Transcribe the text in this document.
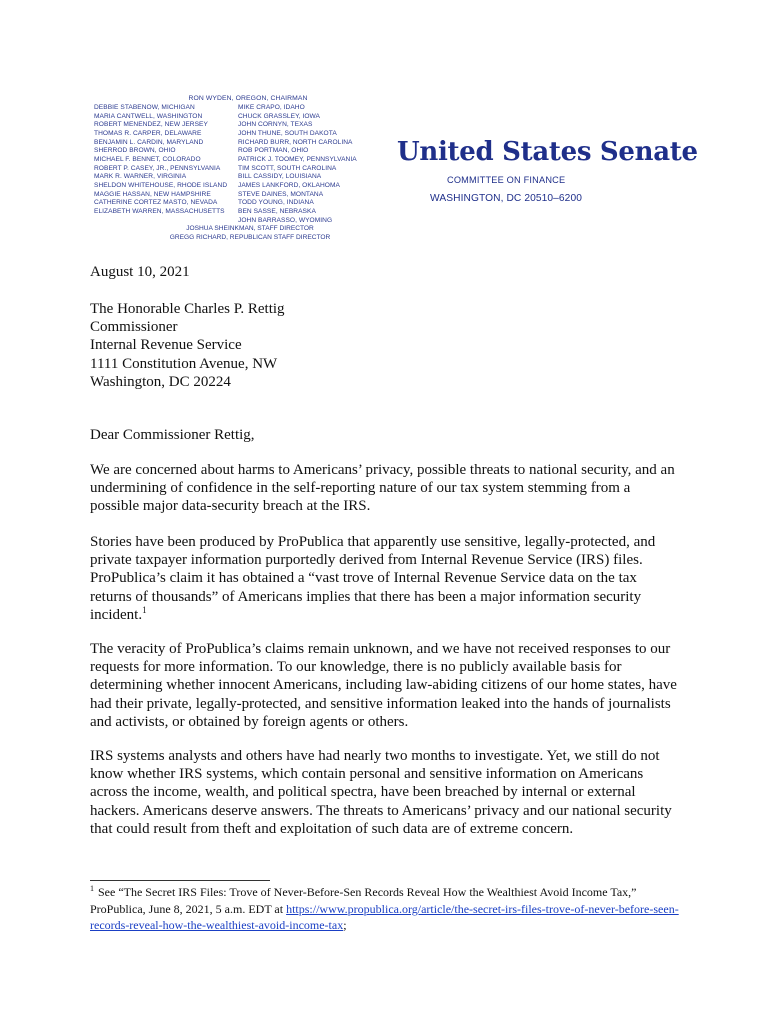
RON WYDEN, OREGON, CHAIRMAN
DEBBIE STABENOW, MICHIGAN
MARIA CANTWELL, WASHINGTON
ROBERT MENENDEZ, NEW JERSEY
THOMAS R. CARPER, DELAWARE
BENJAMIN L. CARDIN, MARYLAND
SHERROD BROWN, OHIO
MICHAEL F. BENNET, COLORADO
ROBERT P. CASEY, JR., PENNSYLVANIA
MARK R. WARNER, VIRGINIA
SHELDON WHITEHOUSE, RHODE ISLAND
MAGGIE HASSAN, NEW HAMPSHIRE
CATHERINE CORTEZ MASTO, NEVADA
ELIZABETH WARREN, MASSACHUSETTS
MIKE CRAPO, IDAHO
CHUCK GRASSLEY, IOWA
JOHN CORNYN, TEXAS
JOHN THUNE, SOUTH DAKOTA
RICHARD BURR, NORTH CAROLINA
ROB PORTMAN, OHIO
PATRICK J. TOOMEY, PENNSYLVANIA
TIM SCOTT, SOUTH CAROLINA
BILL CASSIDY, LOUISIANA
JAMES LANKFORD, OKLAHOMA
STEVE DAINES, MONTANA
TODD YOUNG, INDIANA
BEN SASSE, NEBRASKA
JOHN BARRASSO, WYOMING
JOSHUA SHEINKMAN, STAFF DIRECTOR
GREGG RICHARD, REPUBLICAN STAFF DIRECTOR
United States Senate
COMMITTEE ON FINANCE
WASHINGTON, DC 20510–6200
August 10, 2021
The Honorable Charles P. Rettig
Commissioner
Internal Revenue Service
1111 Constitution Avenue, NW
Washington, DC 20224
Dear Commissioner Rettig,
We are concerned about harms to Americans’ privacy, possible threats to national security, and an undermining of confidence in the self-reporting nature of our tax system stemming from a possible major data-security breach at the IRS.
Stories have been produced by ProPublica that apparently use sensitive, legally-protected, and private taxpayer information purportedly derived from Internal Revenue Service (IRS) files. ProPublica’s claim it has obtained a “vast trove of Internal Revenue Service data on the tax returns of thousands” of Americans implies that there has been a major information security incident.$^1$
The veracity of ProPublica’s claims remain unknown, and we have not received responses to our requests for more information. To our knowledge, there is no publicly available basis for determining whether innocent Americans, including law-abiding citizens of our home states, have had their private, legally-protected, and sensitive information leaked into the hands of journalists and activists, or obtained by foreign agents or others.
IRS systems analysts and others have had nearly two months to investigate. Yet, we still do not know whether IRS systems, which contain personal and sensitive information on Americans across the income, wealth, and political spectra, have been breached by internal or external hackers. Americans deserve answers. The threats to Americans’ privacy and our national security that could result from theft and exploitation of such data are of extreme concern.
$^1$ See “The Secret IRS Files: Trove of Never-Before-Sen Records Reveal How the Wealthiest Avoid Income Tax,” ProPublica, June 8, 2021, 5 a.m. EDT at https://www.propublica.org/article/the-secret-irs-files-trove-of-never-before-seen-records-reveal-how-the-wealthiest-avoid-income-tax;
